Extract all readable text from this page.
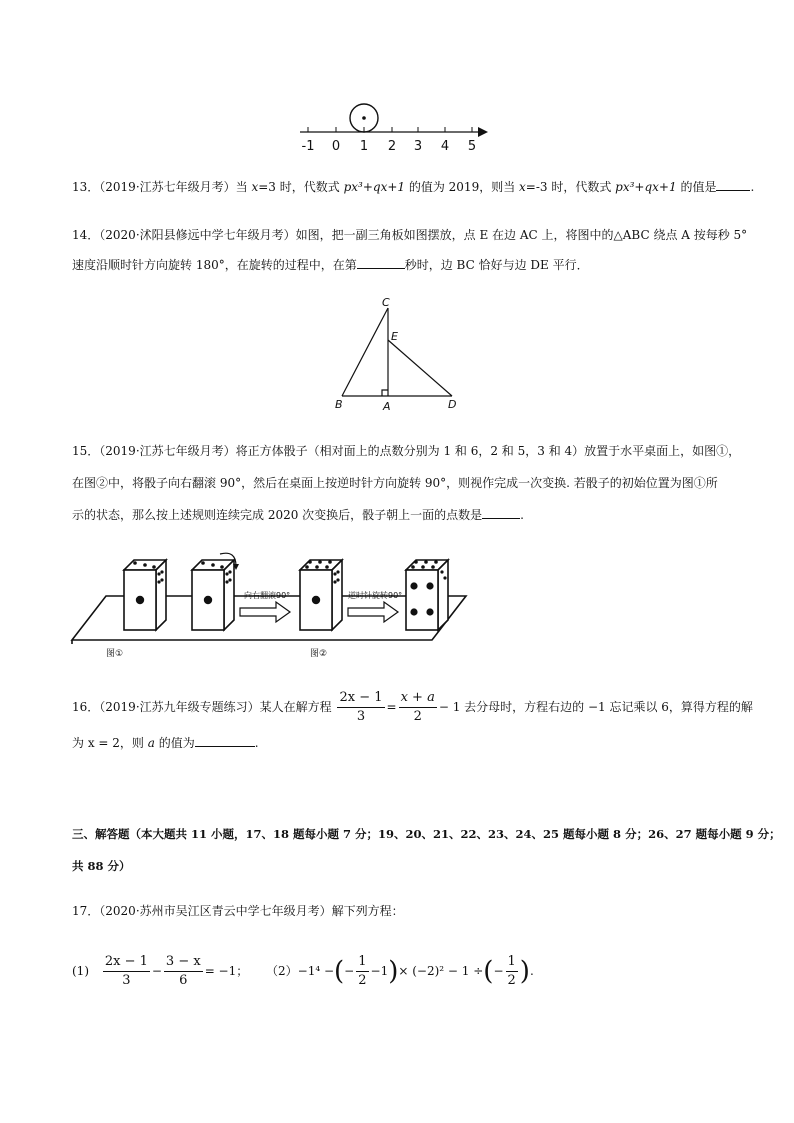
-1 0 1 2 3 4 5
13．（2019·江苏七年级月考）当 x=3 时，代数式 px³+qx+1 的值为 2019，则当 x=-3 时，代数式 px³+qx+1 的值是	.
14．（2020·沭阳县修远中学七年级月考）如图，把一副三角板如图摆放，点 E 在边 AC 上，将图中的△ABC 绕点 A 按每秒 5°
速度沿顺时针方向旋转 180°，在旋转的过程中，在第	秒时，边 BC 恰好与边 DE 平行．
C
E
B	A	D
15．（2019·江苏七年级月考）将正方体骰子（相对面上的点数分别为 1 和 6，2 和 5，3 和 4）放置于水平桌面上，如图①，
在图②中，将骰子向右翻滚 90°，然后在桌面上按逆时针方向旋转 90°，则视作完成一次变换. 若骰子的初始位置为图①所
示的状态，那么按上述规则连续完成 2020 次变换后，骰子朝上一面的点数是	.
向右翻滚90°	逆时针旋转90°
图①	图②
16．（2019·江苏九年级专题练习）某人在解方程 $\frac{2x - 1}{3} = \frac{x + a}{2} - 1$ 去分母时，方程右边的 −1 忘记乘以 6，算得方程的解
为 x = 2，则 a 的值为	.
三、解答题（本大题共 11 小题，17、18 题每小题 7 分；19、20、21、22、23、24、25 题每小题 8 分；26、27 题每小题 9 分；
共 88 分）
17．（2020·苏州市吴江区青云中学七年级月考）解下列方程：
$(1) \frac{2x - 1}{3} - \frac{3 - x}{6} = -1$； （2）−1⁴ −(− $\frac{1}{2} -1)\times (-2)^2 - 1$ ÷(− $\frac{1}{2}$ ).
